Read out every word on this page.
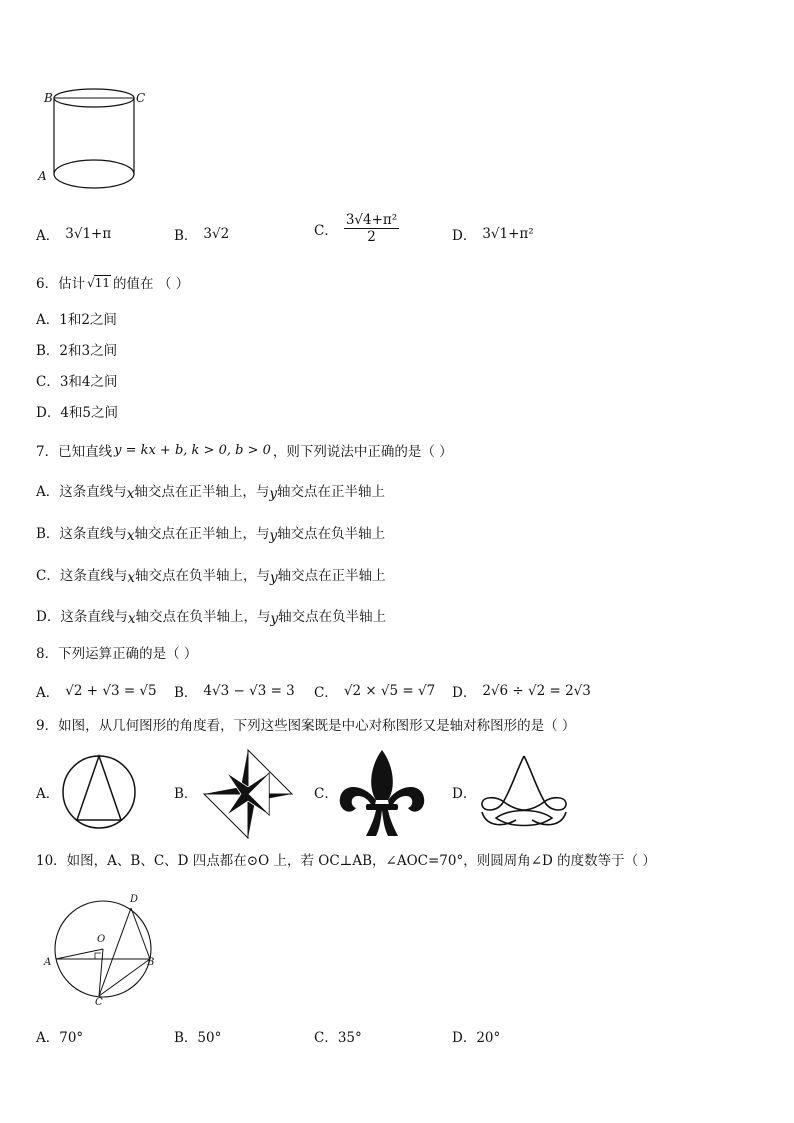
B	C
A
A． 3√1+π	B． 3√2	C． $\frac{\text{3√4+π²}}{2}$	D． 3√1+π²
6．估计 √11 的值在 （ ）
A．1和2之间
B．2和3之间
C．3和4之间
D．4和5之间
7．已知直线 y = kx + b, k > 0, b > 0 ，则下列说法中正确的是（ ）
A．这条直线与 x 轴交点在正半轴上，与 y 轴交点在正半轴上
B．这条直线与 x 轴交点在正半轴上，与 y 轴交点在负半轴上
C．这条直线与 x 轴交点在负半轴上，与 y 轴交点在正半轴上
D．这条直线与 x 轴交点在负半轴上，与 y 轴交点在负半轴上
8．下列运算正确的是（ ）
A． √2 + √3 = √5 B． 4√3 − √3 = 3 C． √2 × √5 = √7 D． 2√6 ÷ √2 = 2√3
9．如图，从几何图形的角度看，下列这些图案既是中心对称图形又是轴对称图形的是（ ）
A．	B．	C．	D．
10．如图，A、B、C、D 四点都在⊙O 上，若 OC⊥AB，∠AOC=70°，则圆周角∠D 的度数等于（ ）
D
O
A	B
C
A．70°	B．50°	C．35°	D．20°
